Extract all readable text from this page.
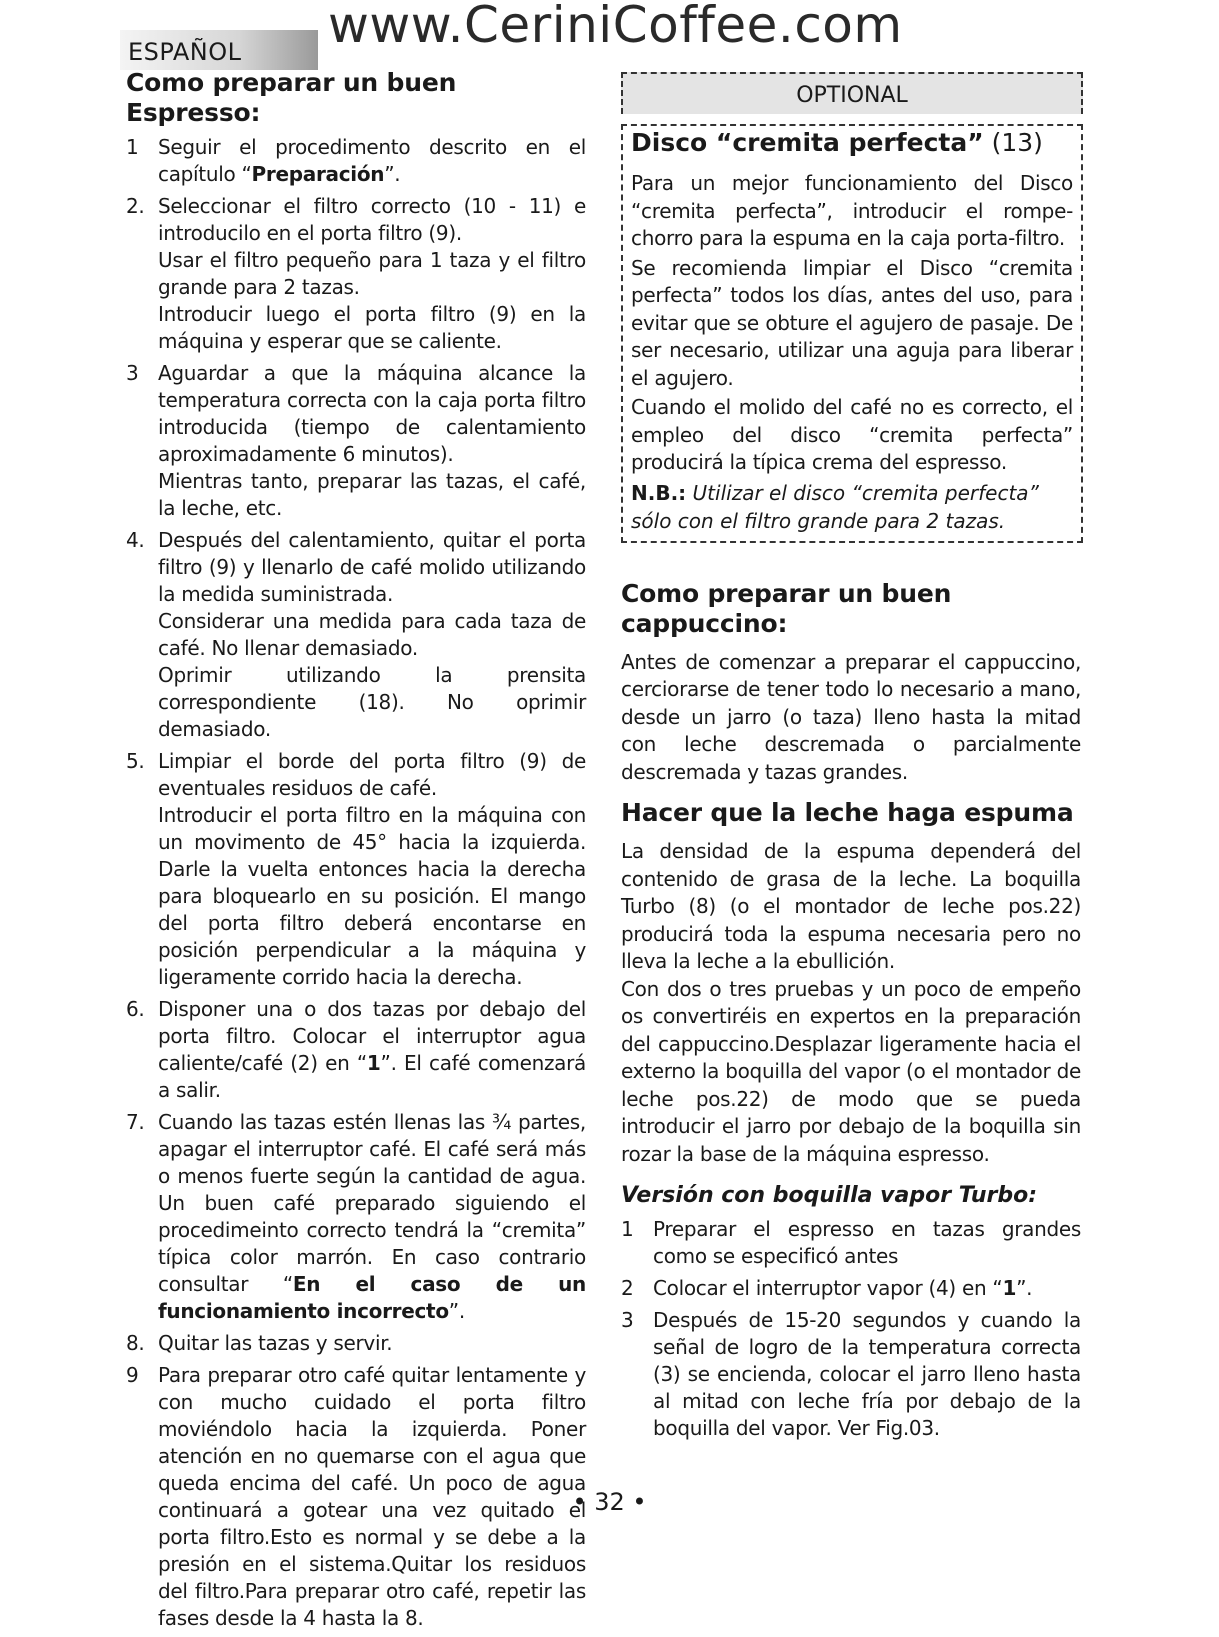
ESPAÑOL	www.CeriniCoffee.com
Como preparar un buen Espresso:
1 Seguir el procedimento descrito en el capítulo “Preparación”.
2. Seleccionar el filtro correcto (10 - 11) e introducilo en el porta filtro (9).
Usar el filtro pequeño para 1 taza y el filtro grande para 2 tazas.
Introducir luego el porta filtro (9) en la máquina y esperar que se caliente.
3 Aguardar a que la máquina alcance la temperatura correcta con la caja porta filtro introducida (tiempo de calentamiento aproximadamente 6 minutos).
Mientras tanto, preparar las tazas, el café, la leche, etc.
4. Después del calentamiento, quitar el porta filtro (9) y llenarlo de café molido utilizando la medida suministrada.
Considerar una medida para cada taza de café. No llenar demasiado.
Oprimir utilizando la prensita correspondiente (18). No oprimir demasiado.
5. Limpiar el borde del porta filtro (9) de eventuales residuos de café.
Introducir el porta filtro en la máquina con un movimento de 45° hacia la izquierda. Darle la vuelta entonces hacia la derecha para bloquearlo en su posición. El mango del porta filtro deberá encontarse en posición perpendicular a la máquina y ligeramente corrido hacia la derecha.
6. Disponer una o dos tazas por debajo del porta filtro. Colocar el interruptor agua caliente/café (2) en “1”. El café comenzará a salir.
7. Cuando las tazas estén llenas las ¾ partes, apagar el interruptor café. El café será más o menos fuerte según la cantidad de agua. Un buen café preparado siguiendo el procedimeinto correcto tendrá la “cremita” típica color marrón. En caso contrario consultar “En el caso de un funcionamiento incorrecto”.
8. Quitar las tazas y servir.
9 Para preparar otro café quitar lentamente y con mucho cuidado el porta filtro moviéndolo hacia la izquierda. Poner atención en no quemarse con el agua que queda encima del café. Un poco de agua continuará a gotear una vez quitado el porta filtro.Esto es normal y se debe a la presión en el sistema.Quitar los residuos del filtro.Para preparar otro café, repetir las fases desde la 4 hasta la 8.
OPTIONAL
Disco “cremita perfecta” (13)

Para un mejor funcionamiento del Disco “cremita perfecta”, introducir el rompe-chorro para la espuma en la caja porta-filtro.

Se recomienda limpiar el Disco “cremita perfecta” todos los días, antes del uso, para evitar que se obture el agujero de pasaje. De ser necesario, utilizar una aguja para liberar el agujero.

Cuando el molido del café no es correcto, el empleo del disco “cremita perfecta” producirá la típica crema del espresso.

N.B.: Utilizar el disco “cremita perfecta” sólo con el filtro grande para 2 tazas.
Como preparar un buen cappuccino:

Antes de comenzar a preparar el cappuccino, cerciorarse de tener todo lo necesario a mano, desde un jarro (o taza) lleno hasta la mitad con leche descremada o parcialmente descremada y tazas grandes.

Hacer que la leche haga espuma

La densidad de la espuma dependerá del contenido de grasa de la leche. La boquilla Turbo (8) (o el montador de leche pos.22) producirá toda la espuma necesaria pero no lleva la leche a la ebullición.

Con dos o tres pruebas y un poco de empeño os convertiréis en expertos en la preparación del cappuccino.Desplazar ligeramente hacia el externo la boquilla del vapor (o el montador de leche pos.22) de modo que se pueda introducir el jarro por debajo de la boquilla sin rozar la base de la máquina espresso.

Versión con boquilla vapor Turbo:
1 Preparar el espresso en tazas grandes como se especificó antes
2 Colocar el interruptor vapor (4) en “1”.
3 Después de 15-20 segundos y cuando la señal de logro de la temperatura correcta (3) se encienda, colocar el jarro lleno hasta al mitad con leche fría por debajo de la boquilla del vapor. Ver Fig.03.
• 32 •
